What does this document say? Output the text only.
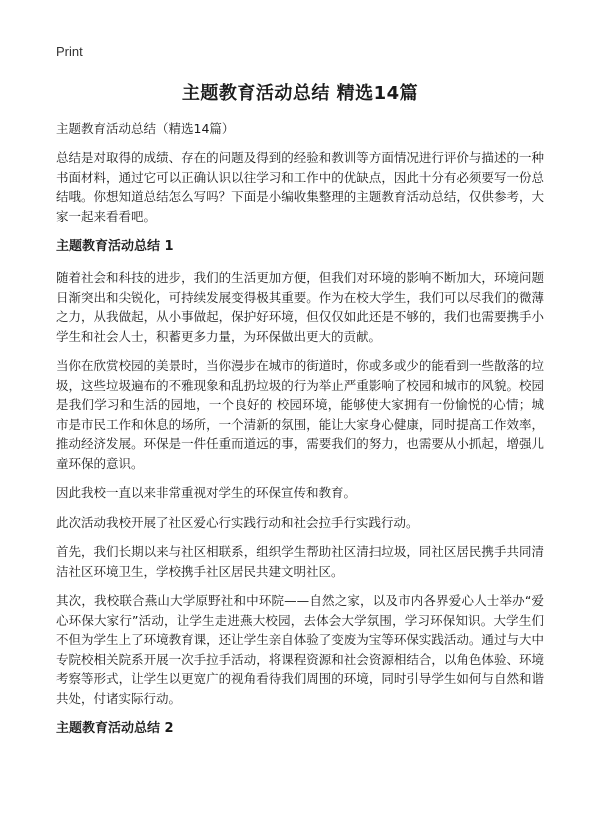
Print
主题教育活动总结 精选14篇
主题教育活动总结（精选14篇）

总结是对取得的成绩、存在的问题及得到的经验和教训等方面情况进行评价与描述的一种书面材料，通过它可以正确认识以往学习和工作中的优缺点，因此十分有必须要写一份总结哦。你想知道总结怎么写吗？下面是小编收集整理的主题教育活动总结，仅供参考，大家一起来看看吧。

主题教育活动总结 1

随着社会和科技的进步，我们的生活更加方便，但我们对环境的影响不断加大，环境问题日渐突出和尖锐化，可持续发展变得极其重要。作为在校大学生，我们可以尽我们的微薄之力，从我做起，从小事做起，保护好环境，但仅仅如此还是不够的，我们也需要携手小学生和社会人士，积蓄更多力量，为环保做出更大的贡献。

当你在欣赏校园的美景时，当你漫步在城市的街道时，你或多或少的能看到一些散落的垃圾，这些垃圾遍布的不雅现象和乱扔垃圾的行为举止严重影响了校园和城市的风貌。校园是我们学习和生活的园地，一个良好的 校园环境，能够使大家拥有一份愉悦的心情；城市是市民工作和休息的场所，一个清新的氛围，能让大家身心健康，同时提高工作效率，推动经济发展。环保是一件任重而道远的事，需要我们的努力，也需要从小抓起，增强儿童环保的意识。

因此我校一直以来非常重视对学生的环保宣传和教育。

此次活动我校开展了社区爱心行实践行动和社会拉手行实践行动。

首先，我们长期以来与社区相联系，组织学生帮助社区清扫垃圾，同社区居民携手共同清洁社区环境卫生，学校携手社区居民共建文明社区。

其次，我校联合燕山大学原野社和中环院——自然之家，以及市内各界爱心人士举办“爱心环保大家行”活动，让学生走进燕大校园，去体会大学氛围，学习环保知识。大学生们不但为学生上了环境教育课，还让学生亲自体验了变废为宝等环保实践活动。通过与大中专院校相关院系开展一次手拉手活动，将课程资源和社会资源相结合，以角色体验、环境考察等形式，让学生以更宽广的视角看待我们周围的环境，同时引导学生如何与自然和谐共处，付诸实际行动。

主题教育活动总结 2
